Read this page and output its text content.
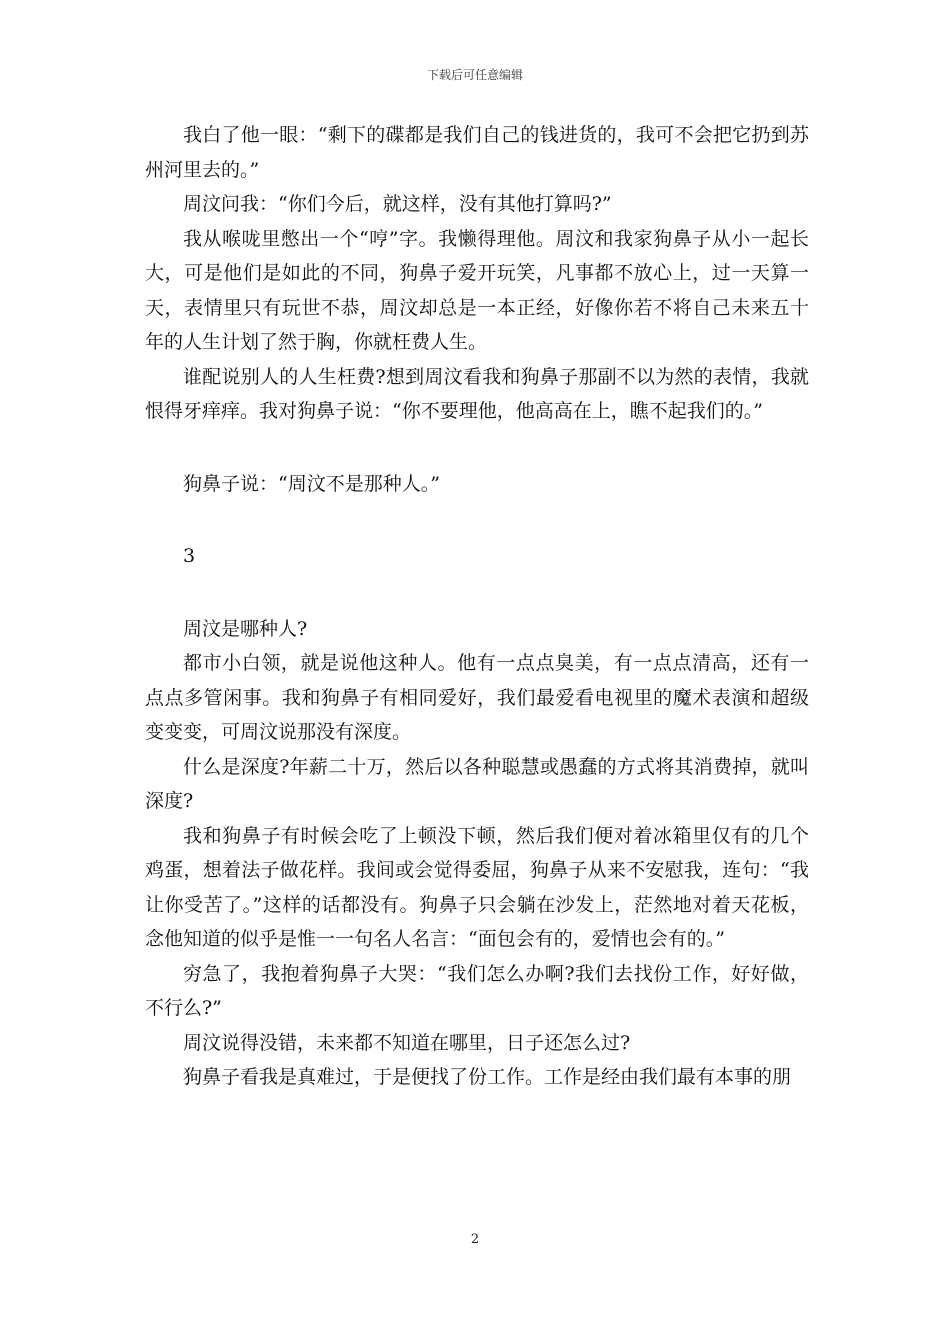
下载后可任意编辑

我白了他一眼：“剩下的碟都是我们自己的钱进货的，我可不会把它扔到苏州河里去的。”

周汶问我：“你们今后，就这样，没有其他打算吗?”

我从喉咙里憋出一个“哼”字。我懒得理他。周汶和我家狗鼻子从小一起长大，可是他们是如此的不同，狗鼻子爱开玩笑，凡事都不放心上，过一天算一天，表情里只有玩世不恭，周汶却总是一本正经，好像你若不将自己未来五十年的人生计划了然于胸，你就枉费人生。

谁配说别人的人生枉费?想到周汶看我和狗鼻子那副不以为然的表情，我就恨得牙痒痒。我对狗鼻子说：“你不要理他，他高高在上，瞧不起我们的。”

狗鼻子说：“周汶不是那种人。”

3

周汶是哪种人?

都市小白领，就是说他这种人。他有一点点臭美，有一点点清高，还有一点点多管闲事。我和狗鼻子有相同爱好，我们最爱看电视里的魔术表演和超级变变变，可周汶说那没有深度。

什么是深度?年薪二十万，然后以各种聪慧或愚蠢的方式将其消费掉，就叫深度?

我和狗鼻子有时候会吃了上顿没下顿，然后我们便对着冰箱里仅有的几个鸡蛋，想着法子做花样。我间或会觉得委屈，狗鼻子从来不安慰我，连句：“我让你受苦了。”这样的话都没有。狗鼻子只会躺在沙发上，茫然地对着天花板，念他知道的似乎是惟一一句名人名言：“面包会有的，爱情也会有的。”

穷急了，我抱着狗鼻子大哭：“我们怎么办啊?我们去找份工作，好好做，不行么?”

周汶说得没错，未来都不知道在哪里，日子还怎么过?

狗鼻子看我是真难过，于是便找了份工作。工作是经由我们最有本事的朋

2
